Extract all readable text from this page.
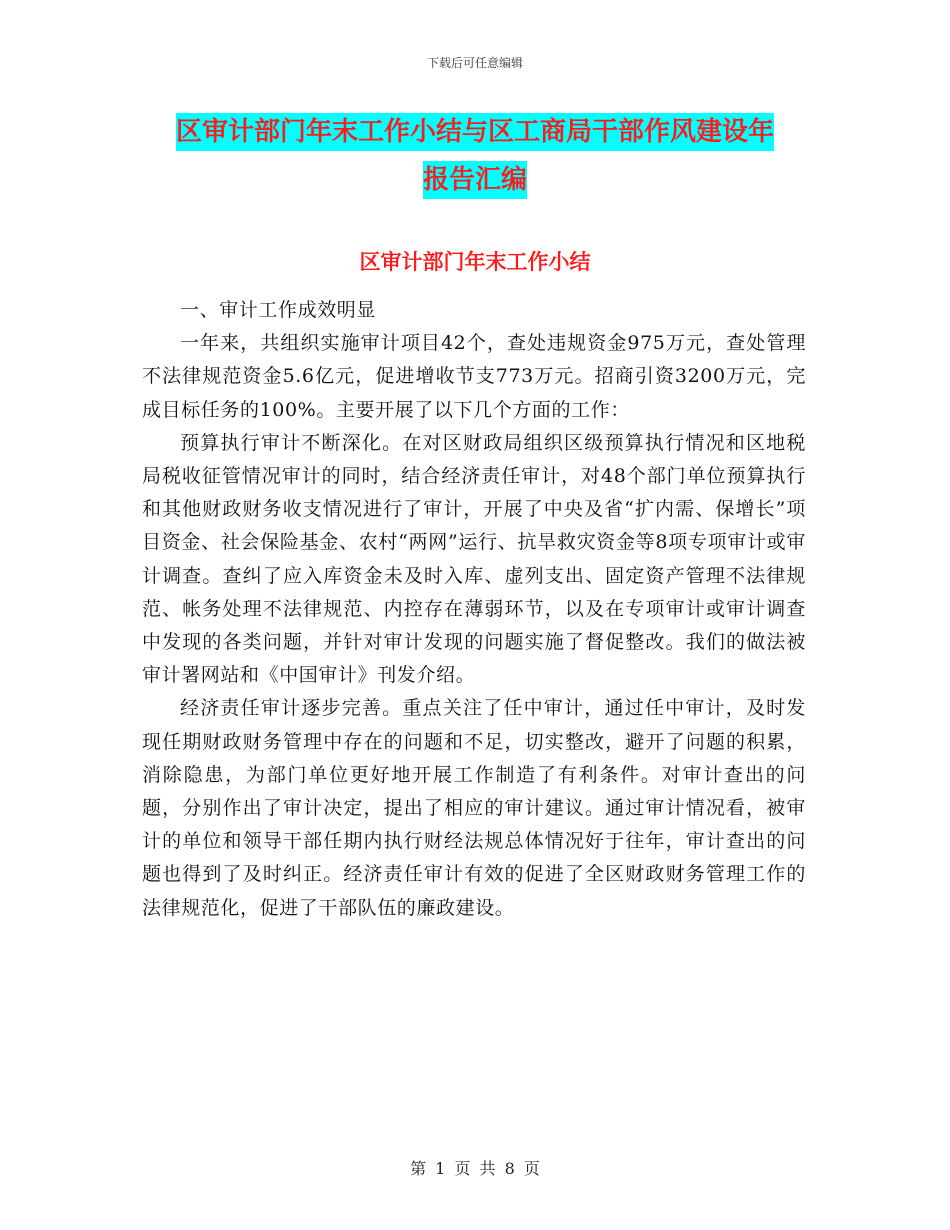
下载后可任意编辑
区审计部门年末工作小结与区工商局干部作风建设年
报告汇编
区审计部门年末工作小结

一、审计工作成效明显

一年来，共组织实施审计项目42个，查处违规资金975万元，查处管理不法律规范资金5.6亿元，促进增收节支773万元。招商引资3200万元，完成目标任务的100%。主要开展了以下几个方面的工作：

预算执行审计不断深化。在对区财政局组织区级预算执行情况和区地税局税收征管情况审计的同时，结合经济责任审计，对48个部门单位预算执行和其他财政财务收支情况进行了审计，开展了中央及省“扩内需、保增长”项目资金、社会保险基金、农村“两网”运行、抗旱救灾资金等8项专项审计或审计调查。查纠了应入库资金未及时入库、虚列支出、固定资产管理不法律规范、帐务处理不法律规范、内控存在薄弱环节，以及在专项审计或审计调查中发现的各类问题，并针对审计发现的问题实施了督促整改。我们的做法被审计署网站和《中国审计》刊发介绍。

经济责任审计逐步完善。重点关注了任中审计，通过任中审计，及时发现任期财政财务管理中存在的问题和不足，切实整改，避开了问题的积累，消除隐患，为部门单位更好地开展工作制造了有利条件。对审计查出的问题，分别作出了审计决定，提出了相应的审计建议。通过审计情况看，被审计的单位和领导干部任期内执行财经法规总体情况好于往年，审计查出的问题也得到了及时纠正。经济责任审计有效的促进了全区财政财务管理工作的法律规范化，促进了干部队伍的廉政建设。

第 1 页 共 8 页
